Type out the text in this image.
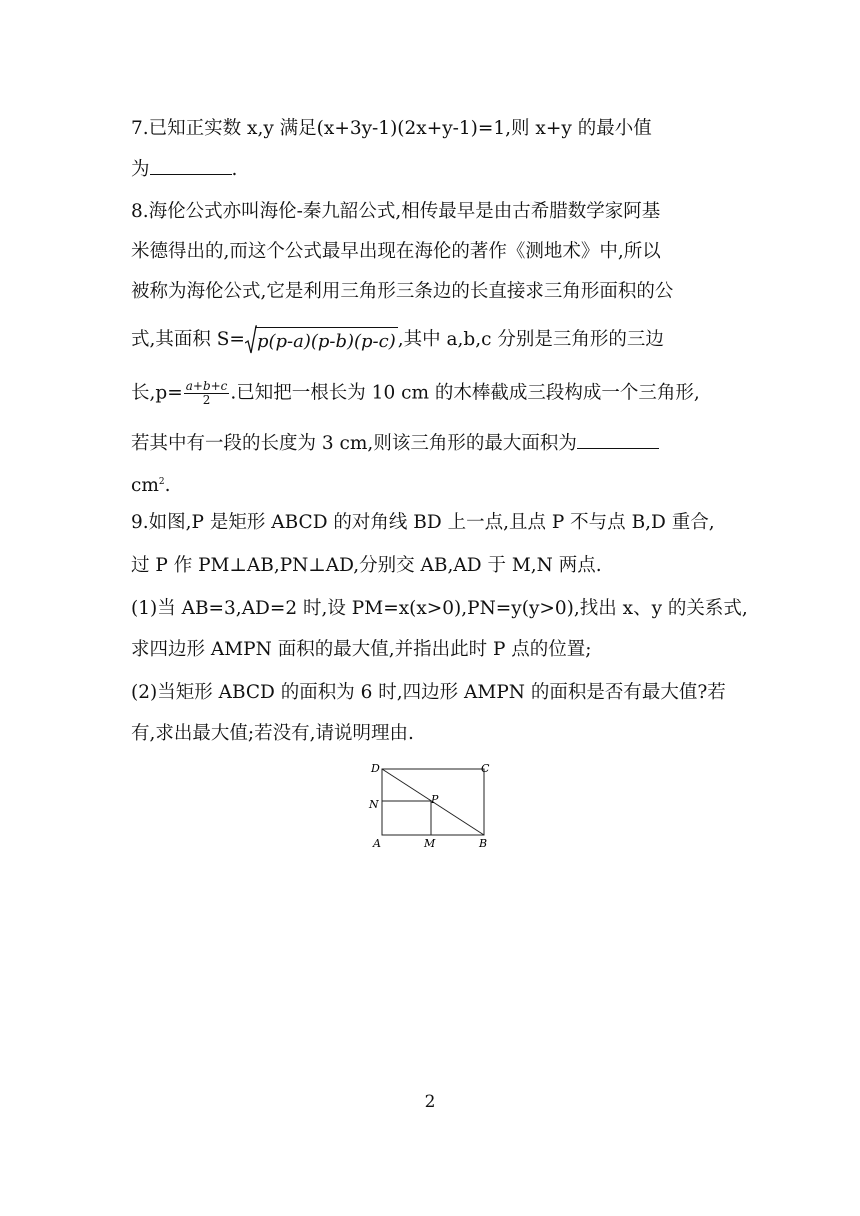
7.已知正实数 x,y 满足(x+3y-1)(2x+y-1)=1,则 x+y 的最小值
为	.
8.海伦公式亦叫海伦-秦九韶公式,相传最早是由古希腊数学家阿基
米德得出的,而这个公式最早出现在海伦的著作《测地术》中,所以
被称为海伦公式,它是利用三角形三条边的长直接求三角形面积的公
式,其面积 S= p(p-a)(p-b)(p-c) ,其中 a,b,c 分别是三角形的三边
长$,p= \frac{a+b+c}{2}$ .已知把一根长为 10 cm 的木棒截成三段构成一个三角形,
若其中有一段的长度为 3 cm,则该三角形的最大面积为
$cm^2$.
9.如图,P 是矩形 ABCD 的对角线 BD 上一点,且点 P 不与点 B,D 重合,
过 P 作 PM⊥AB,PN⊥AD,分别交 AB,AD 于 M,N 两点.
(1)当 AB=3,AD=2 时,设 PM=x(x>0),PN=y(y>0),找出 x、y 的关系式,
求四边形 AMPN 面积的最大值,并指出此时 P 点的位置;
(2)当矩形 ABCD 的面积为 6 时,四边形 AMPN 的面积是否有最大值?若
有,求出最大值;若没有,请说明理由.
D	C
N	P
A	M	B
2
